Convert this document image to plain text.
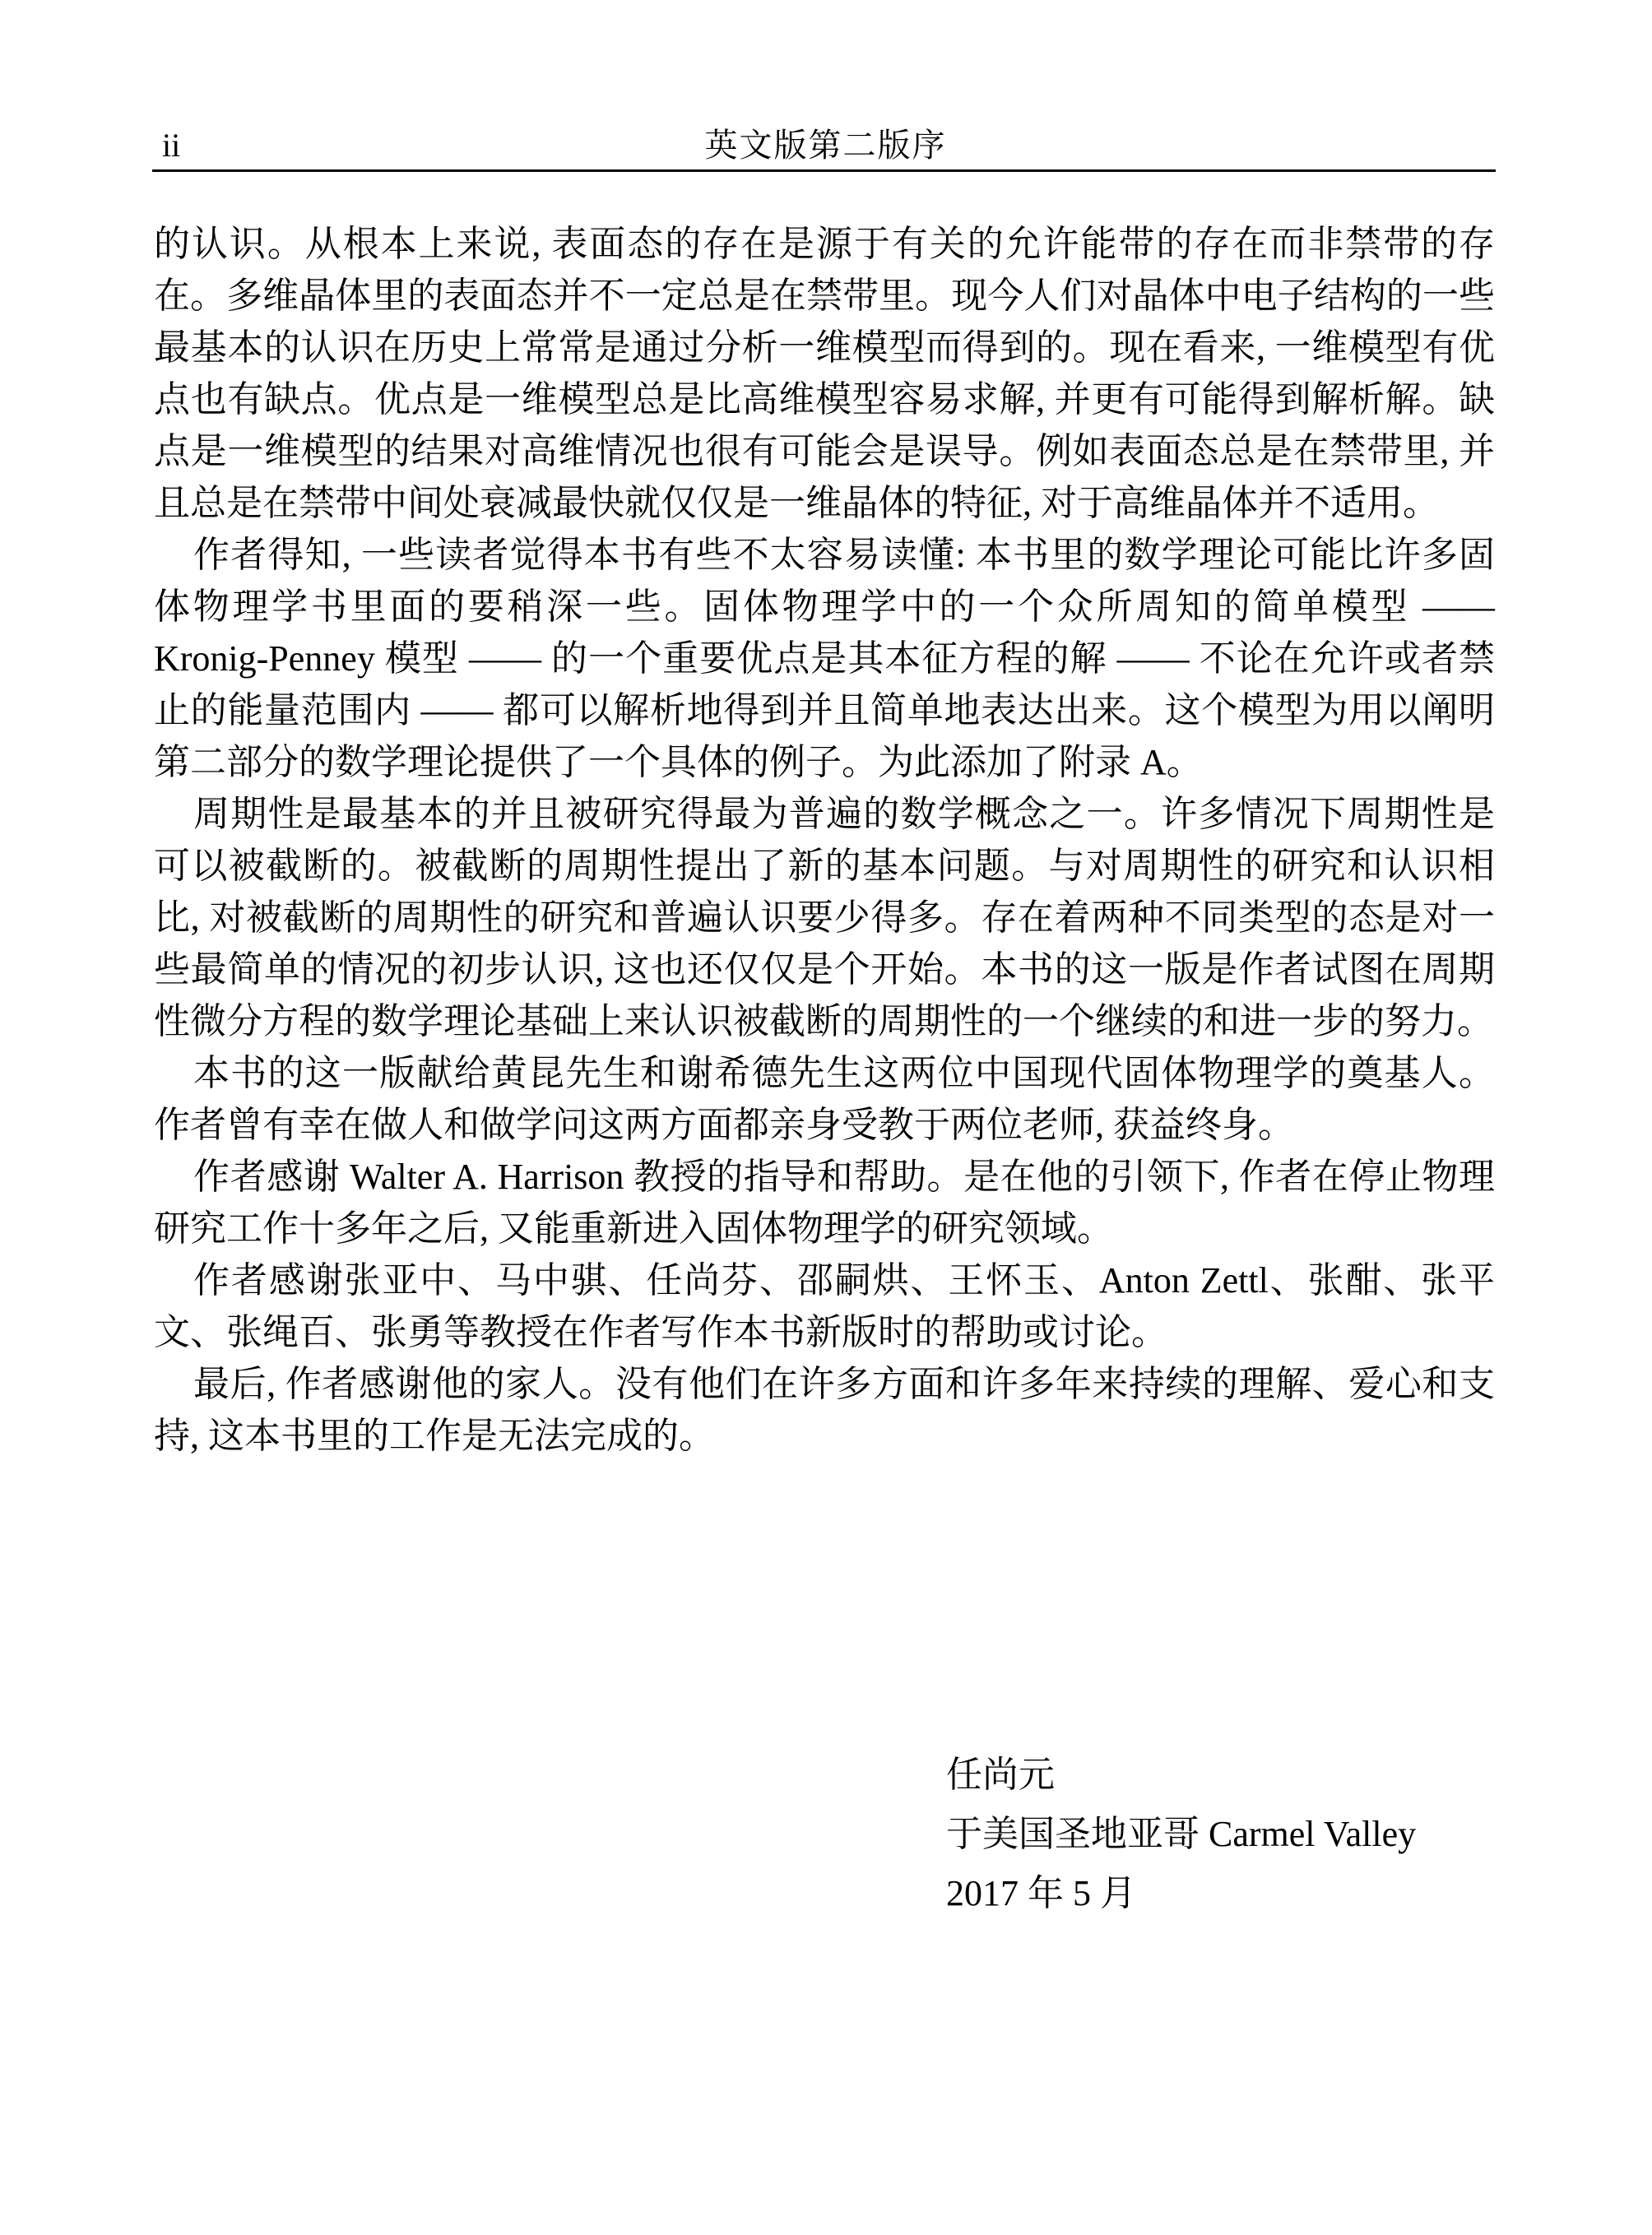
ii	英文版第二版序

的认识。从根本上来说, 表面态的存在是源于有关的允许能带的存在而非禁带的存在。多维晶体里的表面态并不一定总是在禁带里。现今人们对晶体中电子结构的一些最基本的认识在历史上常常是通过分析一维模型而得到的。现在看来, 一维模型有优点也有缺点。优点是一维模型总是比高维模型容易求解, 并更有可能得到解析解。缺点是一维模型的结果对高维情况也很有可能会是误导。例如表面态总是在禁带里, 并且总是在禁带中间处衰减最快就仅仅是一维晶体的特征, 对于高维晶体并不适用。

作者得知, 一些读者觉得本书有些不太容易读懂: 本书里的数学理论可能比许多固体物理学书里面的要稍深一些。固体物理学中的一个众所周知的简单模型 —— Kronig-Penney 模型 —— 的一个重要优点是其本征方程的解 —— 不论在允许或者禁止的能量范围内 —— 都可以解析地得到并且简单地表达出来。这个模型为用以阐明第二部分的数学理论提供了一个具体的例子。为此添加了附录 A。

周期性是最基本的并且被研究得最为普遍的数学概念之一。许多情况下周期性是可以被截断的。被截断的周期性提出了新的基本问题。与对周期性的研究和认识相比, 对被截断的周期性的研究和普遍认识要少得多。存在着两种不同类型的态是对一些最简单的情况的初步认识, 这也还仅仅是个开始。本书的这一版是作者试图在周期性微分方程的数学理论基础上来认识被截断的周期性的一个继续的和进一步的努力。

本书的这一版献给黄昆先生和谢希德先生这两位中国现代固体物理学的奠基人。作者曾有幸在做人和做学问这两方面都亲身受教于两位老师, 获益终身。

作者感谢 Walter A. Harrison 教授的指导和帮助。是在他的引领下, 作者在停止物理研究工作十多年之后, 又能重新进入固体物理学的研究领域。

作者感谢张亚中、马中骐、任尚芬、邵嗣烘、王怀玉、Anton Zettl、张酣、张平文、张绳百、张勇等教授在作者写作本书新版时的帮助或讨论。

最后, 作者感谢他的家人。没有他们在许多方面和许多年来持续的理解、爱心和支持, 这本书里的工作是无法完成的。

任尚元
于美国圣地亚哥 Carmel Valley
2017 年 5 月
